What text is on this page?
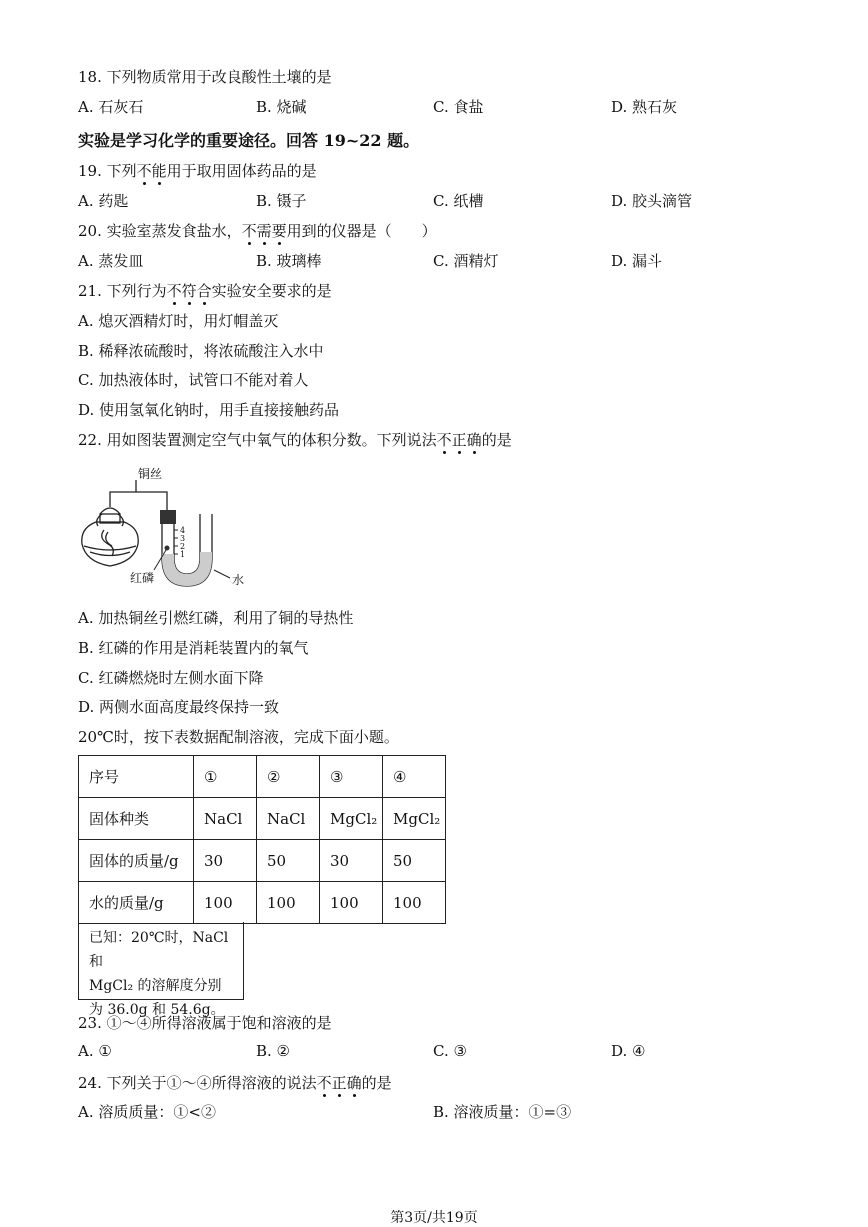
18. 下列物质常用于改良酸性土壤的是
A. 石灰石	B. 烧碱	C. 食盐	D. 熟石灰
实验是学习化学的重要途径。回答 19~22 题。
19. 下列不能用于取用固体药品的是
A. 药匙	B. 镊子	C. 纸槽	D. 胶头滴管
20. 实验室蒸发食盐水，不需要用到的仪器是（　　）
A. 蒸发皿	B. 玻璃棒	C. 酒精灯	D. 漏斗
21. 下列行为不符合实验安全要求的是
A. 熄灭酒精灯时，用灯帽盖灭
B. 稀释浓硫酸时，将浓硫酸注入水中
C. 加热液体时，试管口不能对着人
D. 使用氢氧化钠时，用手直接接触药品
22. 用如图装置测定空气中氧气的体积分数。下列说法不正确的是
铜丝
4
3
2
1
红磷	水
A. 加热铜丝引燃红磷，利用了铜的导热性
B. 红磷的作用是消耗装置内的氧气
C. 红磷燃烧时左侧水面下降
D. 两侧水面高度最终保持一致
20℃时，按下表数据配制溶液，完成下面小题。
序号	①	②	③	④
固体种类	NaCl	NaCl	MgCl₂	MgCl₂
固体的质量/g	30	50	30	50
水的质量/g	100	100	100	100
已知：20℃时，NaCl 和
MgCl₂ 的溶解度分别
为 36.0g 和 54.6g。
23. ①～④所得溶液属于饱和溶液的是
A. ①	B. ②	C. ③	D. ④
24. 下列关于①～④所得溶液的说法不正确的是
A. 溶质质量：①<②	B. 溶液质量：①=③
第3页/共19页
